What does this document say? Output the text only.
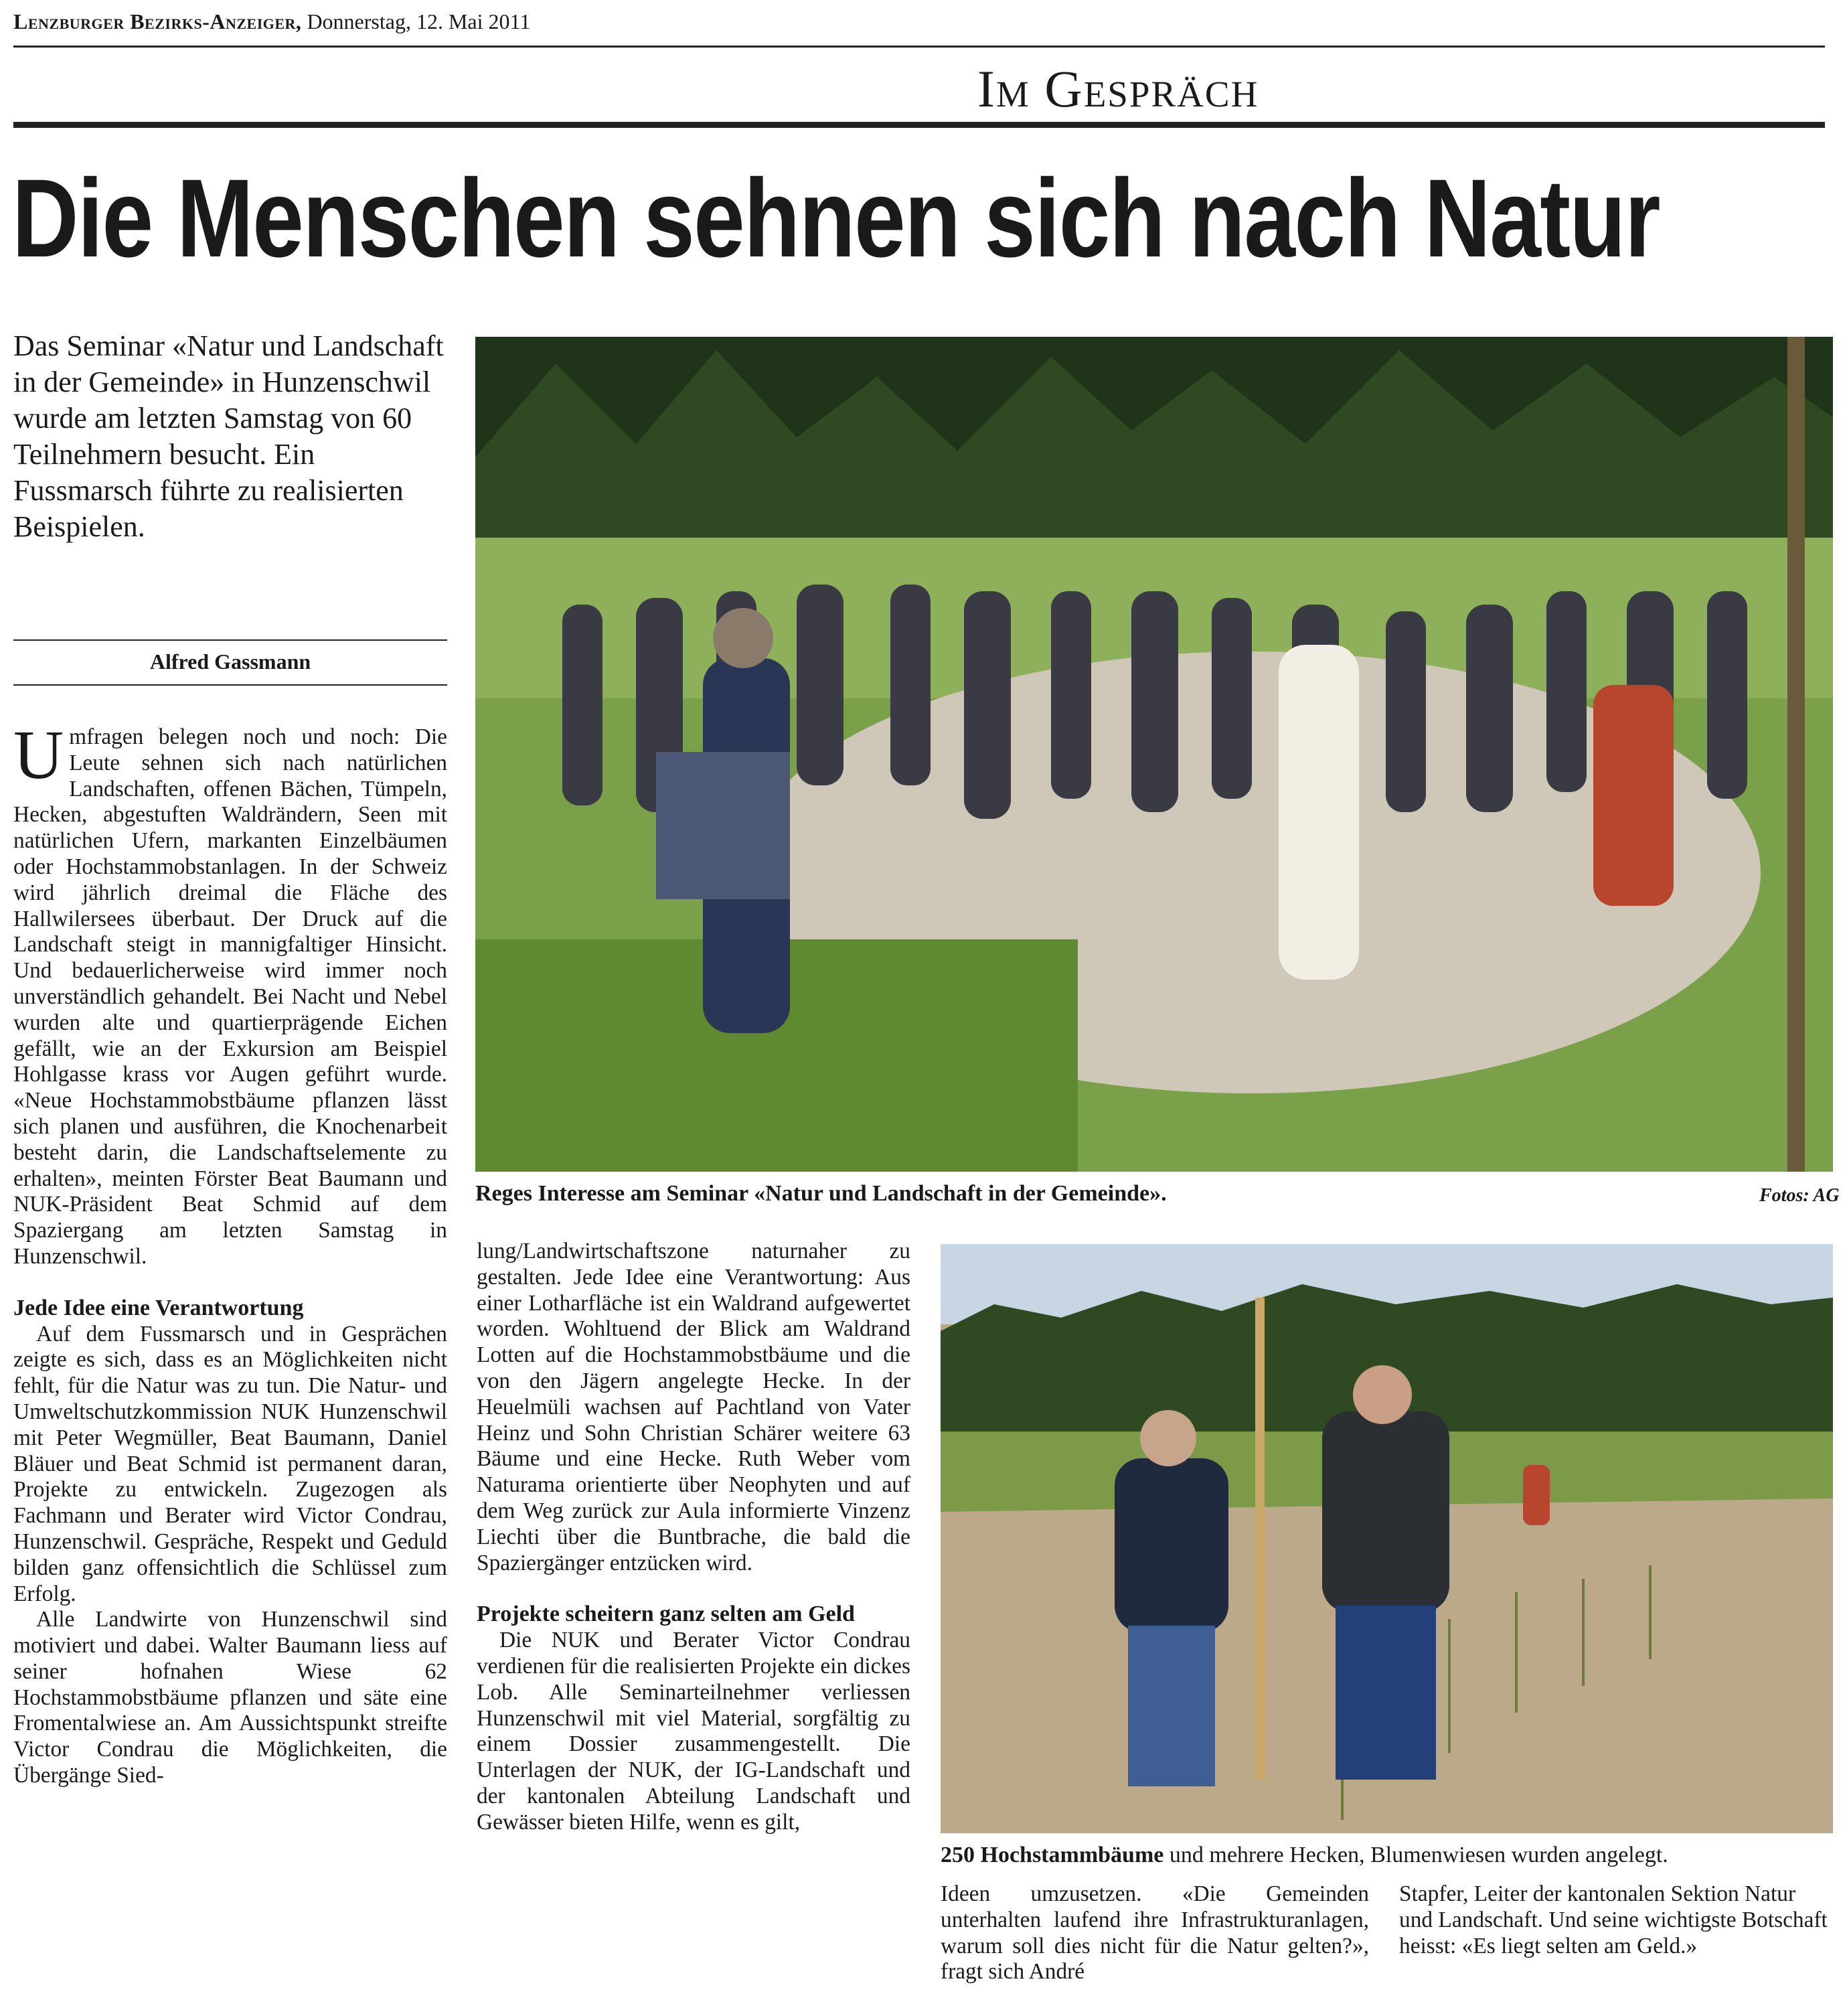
Lenzburger Bezirks-Anzeiger, Donnerstag, 12. Mai 2011
Im Gespräch
Die Menschen sehnen sich nach Natur
Das Seminar «Natur und Landschaft in der Gemeinde» in Hunzenschwil wurde am letzten Samstag von 60 Teilnehmern besucht. Ein Fussmarsch führte zu realisierten Beispielen.
Alfred Gassmann

U mfragen belegen noch und noch: Die Leute sehnen sich nach natürlichen Landschaften, offenen Bächen, Tümpeln, Hecken, abgestuften Waldrändern, Seen mit natürlichen Ufern, markanten Einzelbäumen oder Hochstammobstanlagen. In der Schweiz wird jährlich dreimal die Fläche des Hallwilersees überbaut. Der Druck auf die Landschaft steigt in mannigfaltiger Hinsicht. Und bedauerlicherweise wird immer noch unverständlich gehandelt. Bei Nacht und Nebel wurden alte und quartierprägende Eichen gefällt, wie an der Exkursion am Beispiel Hohlgasse krass vor Augen geführt wurde. «Neue Hochstammobstbäume pflanzen lässt sich planen und ausführen, die Knochenarbeit besteht darin, die Landschaftselemente zu erhalten», meinten Förster Beat Baumann und NUK-Präsident Beat Schmid auf dem Spaziergang am letzten Samstag in Hunzenschwil.

Jede Idee eine Verantwortung

Auf dem Fussmarsch und in Gesprächen zeigte es sich, dass es an Möglichkeiten nicht fehlt, für die Natur was zu tun. Die Natur- und Umweltschutzkommission NUK Hunzenschwil mit Peter Wegmüller, Beat Baumann, Daniel Bläuer und Beat Schmid ist permanent daran, Projekte zu entwickeln. Zugezogen als Fachmann und Berater wird Victor Condrau, Hunzenschwil. Gespräche, Respekt und Geduld bilden ganz offensichtlich die Schlüssel zum Erfolg.

Alle Landwirte von Hunzenschwil sind motiviert und dabei. Walter Baumann liess auf seiner hofnahen Wiese 62 Hochstammobstbäume pflanzen und säte eine Fromentalwiese an. Am Aussichtspunkt streifte Victor Condrau die Möglichkeiten, die Übergänge Sied-

Reges Interesse am Seminar «Natur und Landschaft in der Gemeinde».	Fotos: AG

lung/Landwirtschaftszone naturnaher zu gestalten. Jede Idee eine Verantwortung: Aus einer Lotharfläche ist ein Waldrand aufgewertet worden. Wohltuend der Blick am Waldrand Lotten auf die Hochstammobstbäume und die von den Jägern angelegte Hecke. In der Heuelmüli wachsen auf Pachtland von Vater Heinz und Sohn Christian Schärer weitere 63 Bäume und eine Hecke. Ruth Weber vom Naturama orientierte über Neophyten und auf dem Weg zurück zur Aula informierte Vinzenz Liechti über die Buntbrache, die bald die Spaziergänger entzücken wird.

Projekte scheitern ganz selten am Geld

Die NUK und Berater Victor Condrau verdienen für die realisierten Projekte ein dickes Lob. Alle Seminarteilnehmer verliessen Hunzenschwil mit viel Material, sorgfältig zu einem Dossier zusammengestellt. Die Unterlagen der NUK, der IG-Landschaft und der kantonalen Abteilung Landschaft und Gewässer bieten Hilfe, wenn es gilt,

250 Hochstammbäume und mehrere Hecken, Blumenwiesen wurden angelegt.

Ideen umzusetzen. «Die Gemeinden unterhalten laufend ihre Infrastrukturanlagen, warum soll dies nicht für die Natur gelten?», fragt sich André

Stapfer, Leiter der kantonalen Sektion Natur und Landschaft. Und seine wichtigste Botschaft heisst: «Es liegt selten am Geld.»
